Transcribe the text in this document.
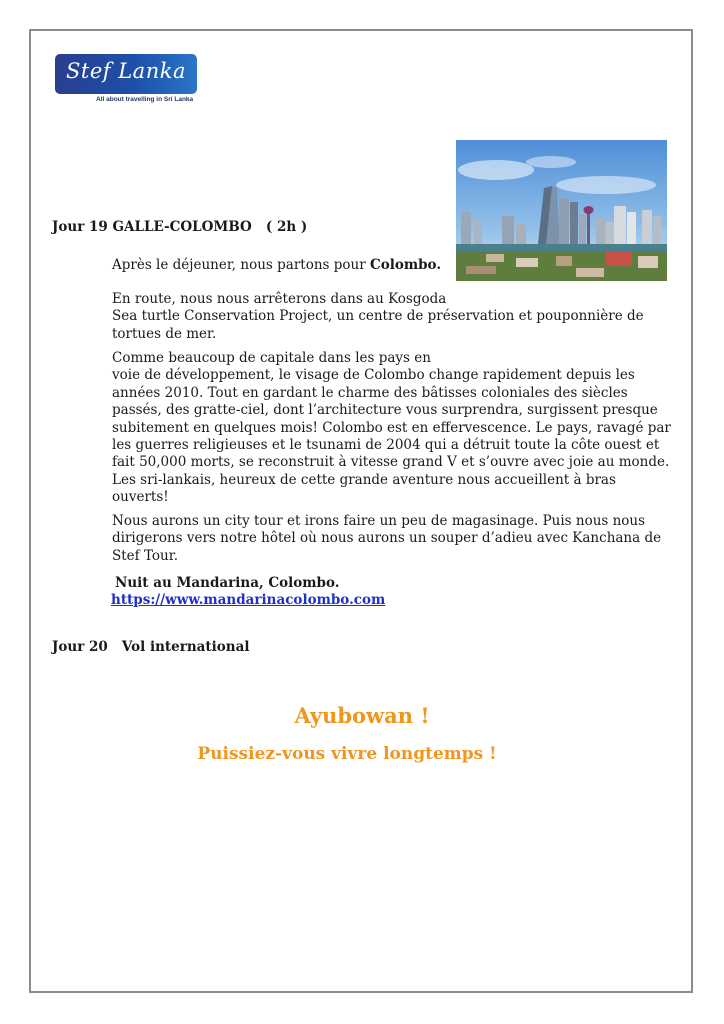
Stef Lanka
All about travelling in Sri Lanka
Jour 19 GALLE-COLOMBO   ( 2h )
Après le déjeuner, nous partons pour Colombo.
En route, nous nous arrêterons dans au Kosgoda
Sea turtle Conservation Project, un centre de préservation et pouponnière de
tortues de mer.
Comme beaucoup de capitale dans les pays en
voie de développement, le visage de Colombo change rapidement depuis les
années 2010. Tout en gardant le charme des bâtisses coloniales des siècles
passés, des gratte-ciel, dont l’architecture vous surprendra, surgissent presque
subitement en quelques mois! Colombo est en effervescence. Le pays, ravagé par
les guerres religieuses et le tsunami de 2004 qui a détruit toute la côte ouest et
fait 50,000 morts, se reconstruit à vitesse grand V et s’ouvre avec joie au monde.
Les sri-lankais, heureux de cette grande aventure nous accueillent à bras
ouverts!
Nous aurons un city tour et irons faire un peu de magasinage. Puis nous nous
dirigerons vers notre hôtel où nous aurons un souper d’adieu avec Kanchana de
Stef Tour.
Nuit au Mandarina, Colombo.
https://www.mandarinacolombo.com
Jour 20   Vol international
Ayubowan !
Puissiez-vous vivre longtemps !
